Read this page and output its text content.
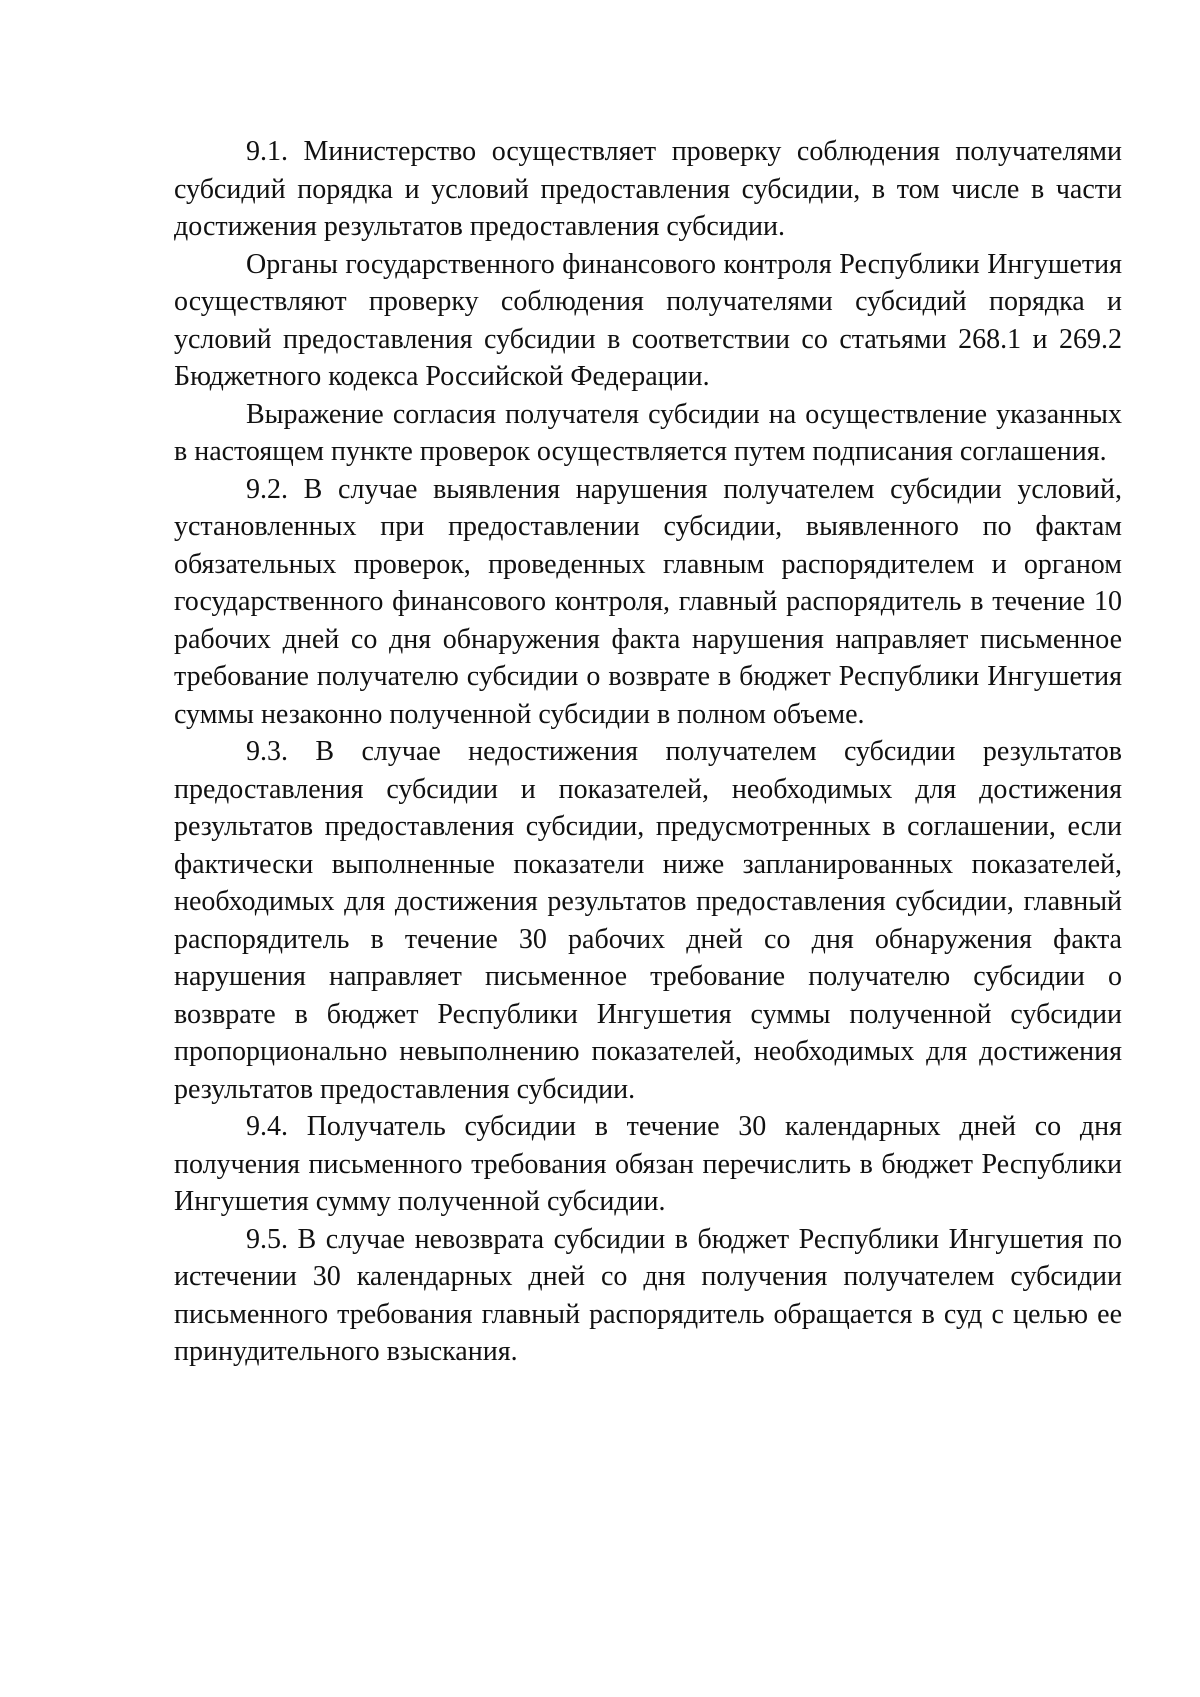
9.1. Министерство осуществляет проверку соблюдения получателями субсидий порядка и условий предоставления субсидии, в том числе в части достижения результатов предоставления субсидии.

Органы государственного финансового контроля Республики Ингушетия осуществляют проверку соблюдения получателями субсидий порядка и условий предоставления субсидии в соответствии со статьями 268.1 и 269.2 Бюджетного кодекса Российской Федерации.

Выражение согласия получателя субсидии на осуществление указанных в настоящем пункте проверок осуществляется путем подписания соглашения.

9.2. В случае выявления нарушения получателем субсидии условий, установленных при предоставлении субсидии, выявленного по фактам обязательных проверок, проведенных главным распорядителем и органом государственного финансового контроля, главный распорядитель в течение 10 рабочих дней со дня обнаружения факта нарушения направляет письменное требование получателю субсидии о возврате в бюджет Республики Ингушетия суммы незаконно полученной субсидии в полном объеме.

9.3. В случае недостижения получателем субсидии результатов предоставления субсидии и показателей, необходимых для достижения результатов предоставления субсидии, предусмотренных в соглашении, если фактически выполненные показатели ниже запланированных показателей, необходимых для достижения результатов предоставления субсидии, главный распорядитель в течение 30 рабочих дней со дня обнаружения факта нарушения направляет письменное требование получателю субсидии о возврате в бюджет Республики Ингушетия суммы полученной субсидии пропорционально невыполнению показателей, необходимых для достижения результатов предоставления субсидии.

9.4. Получатель субсидии в течение 30 календарных дней со дня получения письменного требования обязан перечислить в бюджет Республики Ингушетия сумму полученной субсидии.

9.5. В случае невозврата субсидии в бюджет Республики Ингушетия по истечении 30 календарных дней со дня получения получателем субсидии письменного требования главный распорядитель обращается в суд с целью ее принудительного взыскания.
